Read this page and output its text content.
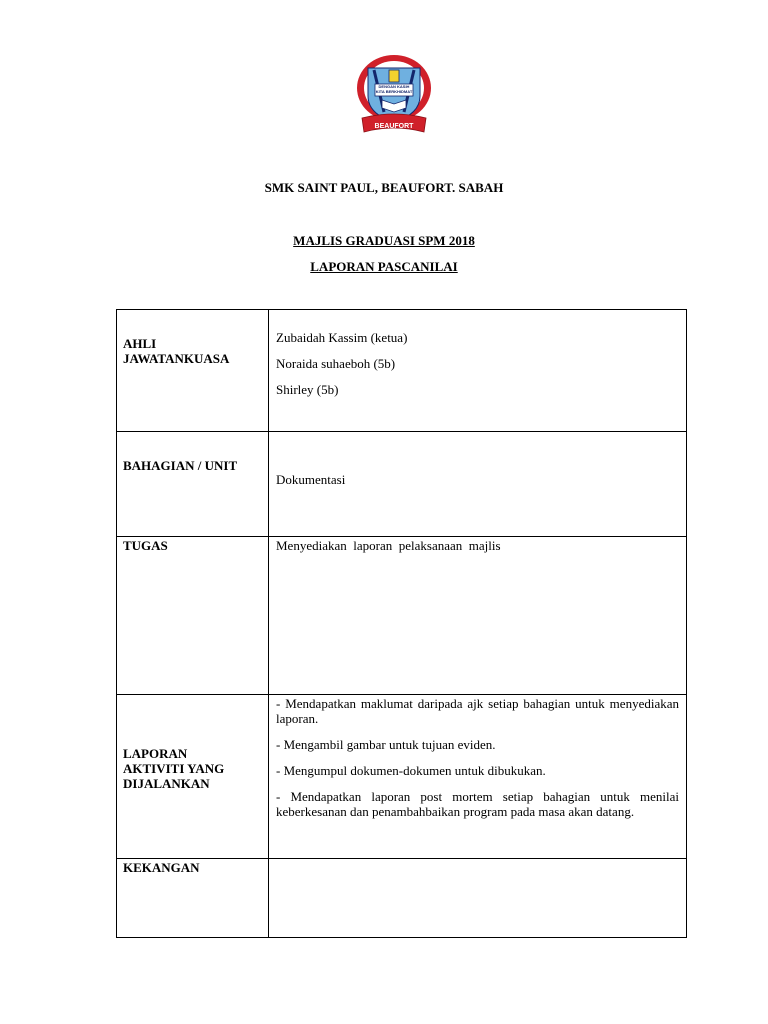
DENGAN KASIH KITA BERKHIDMAT
BEAUFORT
SMK SAINT PAUL, BEAUFORT. SABAH
MAJLIS GRADUASI SPM 2018
LAPORAN PASCANILAI
AHLI JAWATANKUASA	Zubaidah Kassim (ketua)

Noraida suhaeboh (5b)

Shirley (5b)

BAHAGIAN / UNIT	Dokumentasi

TUGAS	Menyediakan  laporan  pelaksanaan  majlis

LAPORAN AKTIVITI YANG DIJALANKAN	- Mendapatkan maklumat daripada ajk setiap bahagian untuk menyediakan laporan.

- Mengambil gambar untuk tujuan eviden.

- Mengumpul dokumen-dokumen untuk dibukukan.

- Mendapatkan laporan post mortem setiap bahagian untuk menilai keberkesanan dan penambahbaikan program pada masa akan datang.

KEKANGAN	
